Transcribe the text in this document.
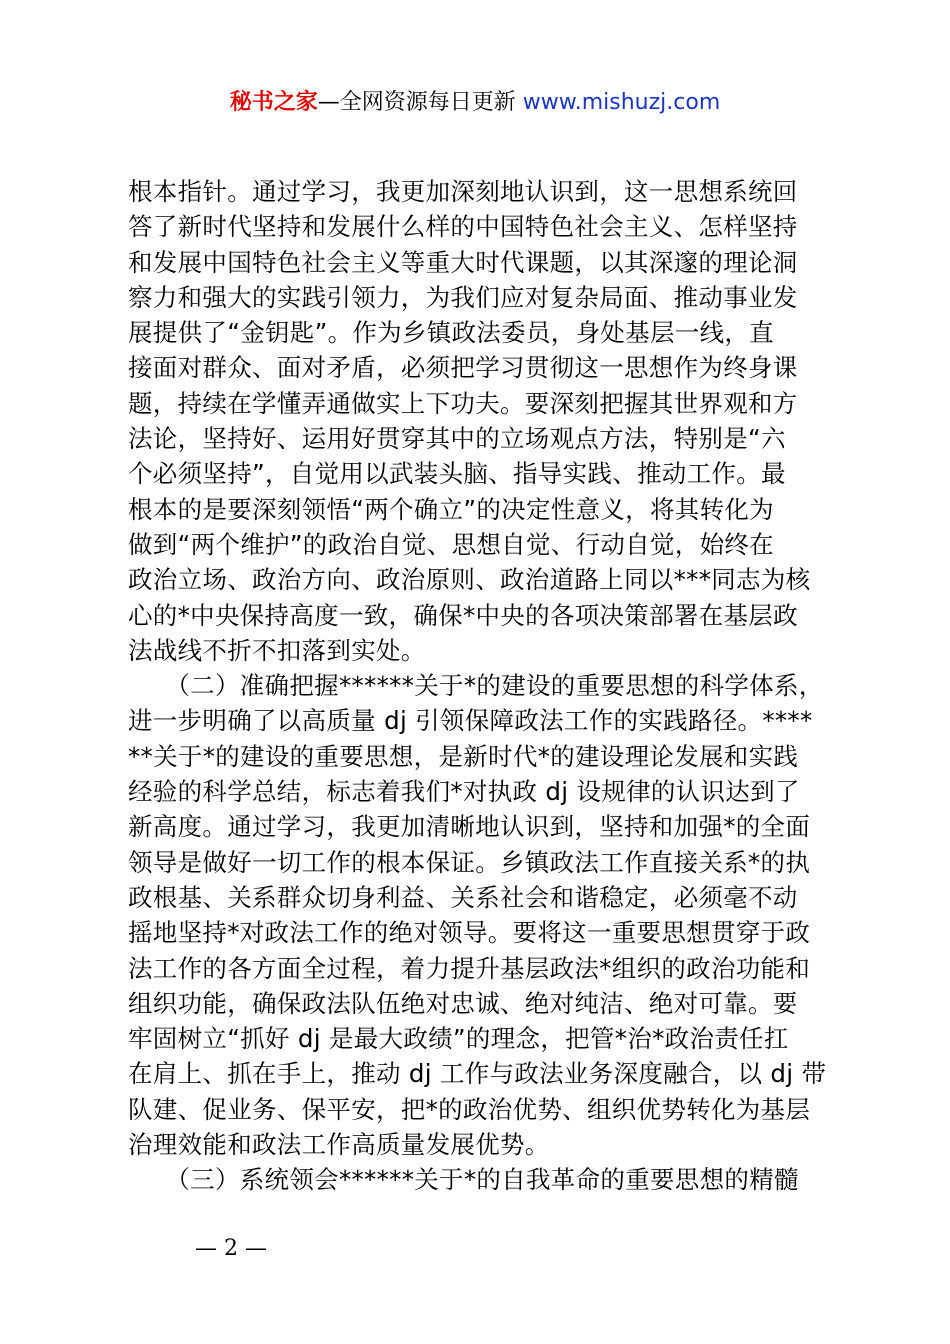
秘书之家—全网资源每日更新 www.mishuzj.com
根本指针。通过学习，我更加深刻地认识到，这一思想系统回
答了新时代坚持和发展什么样的中国特色社会主义、怎样坚持
和发展中国特色社会主义等重大时代课题，以其深邃的理论洞
察力和强大的实践引领力，为我们应对复杂局面、推动事业发
展提供了“金钥匙”。作为乡镇政法委员，身处基层一线，直
接面对群众、面对矛盾，必须把学习贯彻这一思想作为终身课
题，持续在学懂弄通做实上下功夫。要深刻把握其世界观和方
法论，坚持好、运用好贯穿其中的立场观点方法，特别是“六
个必须坚持”，自觉用以武装头脑、指导实践、推动工作。最
根本的是要深刻领悟“两个确立”的决定性意义，将其转化为
做到“两个维护”的政治自觉、思想自觉、行动自觉，始终在
政治立场、政治方向、政治原则、政治道路上同以***同志为核
心的*中央保持高度一致，确保*中央的各项决策部署在基层政
法战线不折不扣落到实处。
　　（二）准确把握******关于*的建设的重要思想的科学体系，
进一步明确了以高质量 dj 引领保障政法工作的实践路径。****
**关于*的建设的重要思想，是新时代*的建设理论发展和实践
经验的科学总结，标志着我们*对执政 dj 设规律的认识达到了
新高度。通过学习，我更加清晰地认识到，坚持和加强*的全面
领导是做好一切工作的根本保证。乡镇政法工作直接关系*的执
政根基、关系群众切身利益、关系社会和谐稳定，必须毫不动
摇地坚持*对政法工作的绝对领导。要将这一重要思想贯穿于政
法工作的各方面全过程，着力提升基层政法*组织的政治功能和
组织功能，确保政法队伍绝对忠诚、绝对纯洁、绝对可靠。要
牢固树立“抓好 dj 是最大政绩”的理念，把管*治*政治责任扛
在肩上、抓在手上，推动 dj 工作与政法业务深度融合，以 dj 带
队建、促业务、保平安，把*的政治优势、组织优势转化为基层
治理效能和政法工作高质量发展优势。
　　（三）系统领会******关于*的自我革命的重要思想的精髓
— 2 —
